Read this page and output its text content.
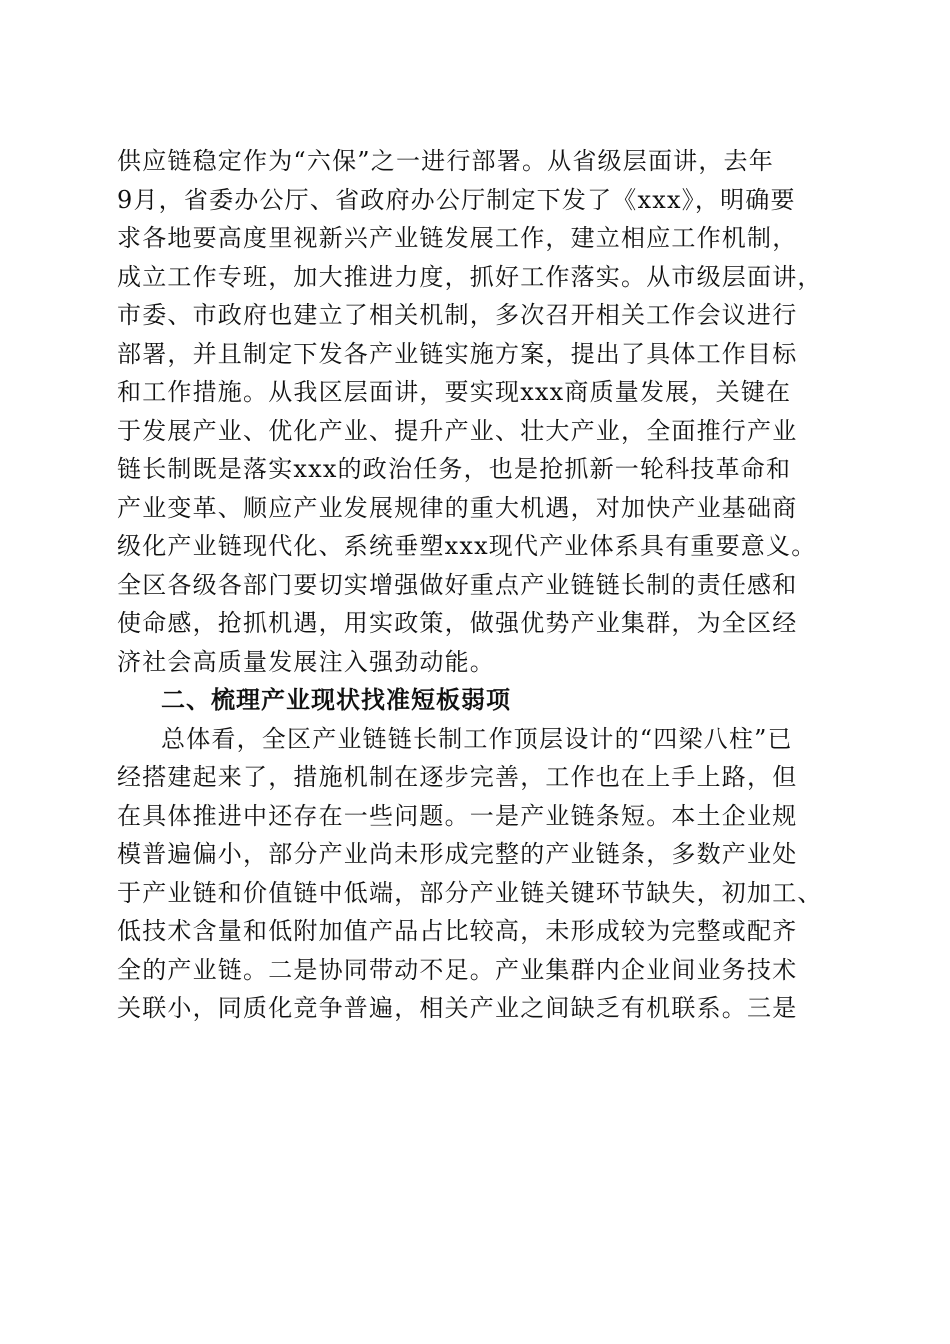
供应链稳定作为“六保”之一进行部署。从省级层面讲，去年
9月，省委办公厅、省政府办公厅制定下发了《xxx》，明确要
求各地要高度里视新兴产业链发展工作，建立相应工作机制，
成立工作专班，加大推进力度，抓好工作落实。从市级层面讲，
市委、市政府也建立了相关机制，多次召开相关工作会议进行
部署，并且制定下发各产业链实施方案，提出了具体工作目标
和工作措施。从我区层面讲，要实现xxx商质量发展，关键在
于发展产业、优化产业、提升产业、壮大产业，全面推行产业
链长制既是落实xxx的政治任务，也是抢抓新一轮科技革命和
产业变革、顺应产业发展规律的重大机遇，对加快产业基础商
级化产业链现代化、系统垂塑xxx现代产业体系具有重要意义。
全区各级各部门要切实增强做好重点产业链链长制的责任感和
使命感，抢抓机遇，用实政策，做强优势产业集群，为全区经
济社会高质量发展注入强劲动能。
二、梳理产业现状找准短板弱项
总体看，全区产业链链长制工作顶层设计的“四梁八柱”已
经搭建起来了，措施机制在逐步完善，工作也在上手上路，但
在具体推进中还存在一些问题。一是产业链条短。本土企业规
模普遍偏小，部分产业尚未形成完整的产业链条，多数产业处
于产业链和价值链中低端，部分产业链关键环节缺失，初加工、
低技术含量和低附加值产品占比较高，未形成较为完整或配齐
全的产业链。二是协同带动不足。产业集群内企业间业务技术
关联小，同质化竞争普遍，相关产业之间缺乏有机联系。三是
